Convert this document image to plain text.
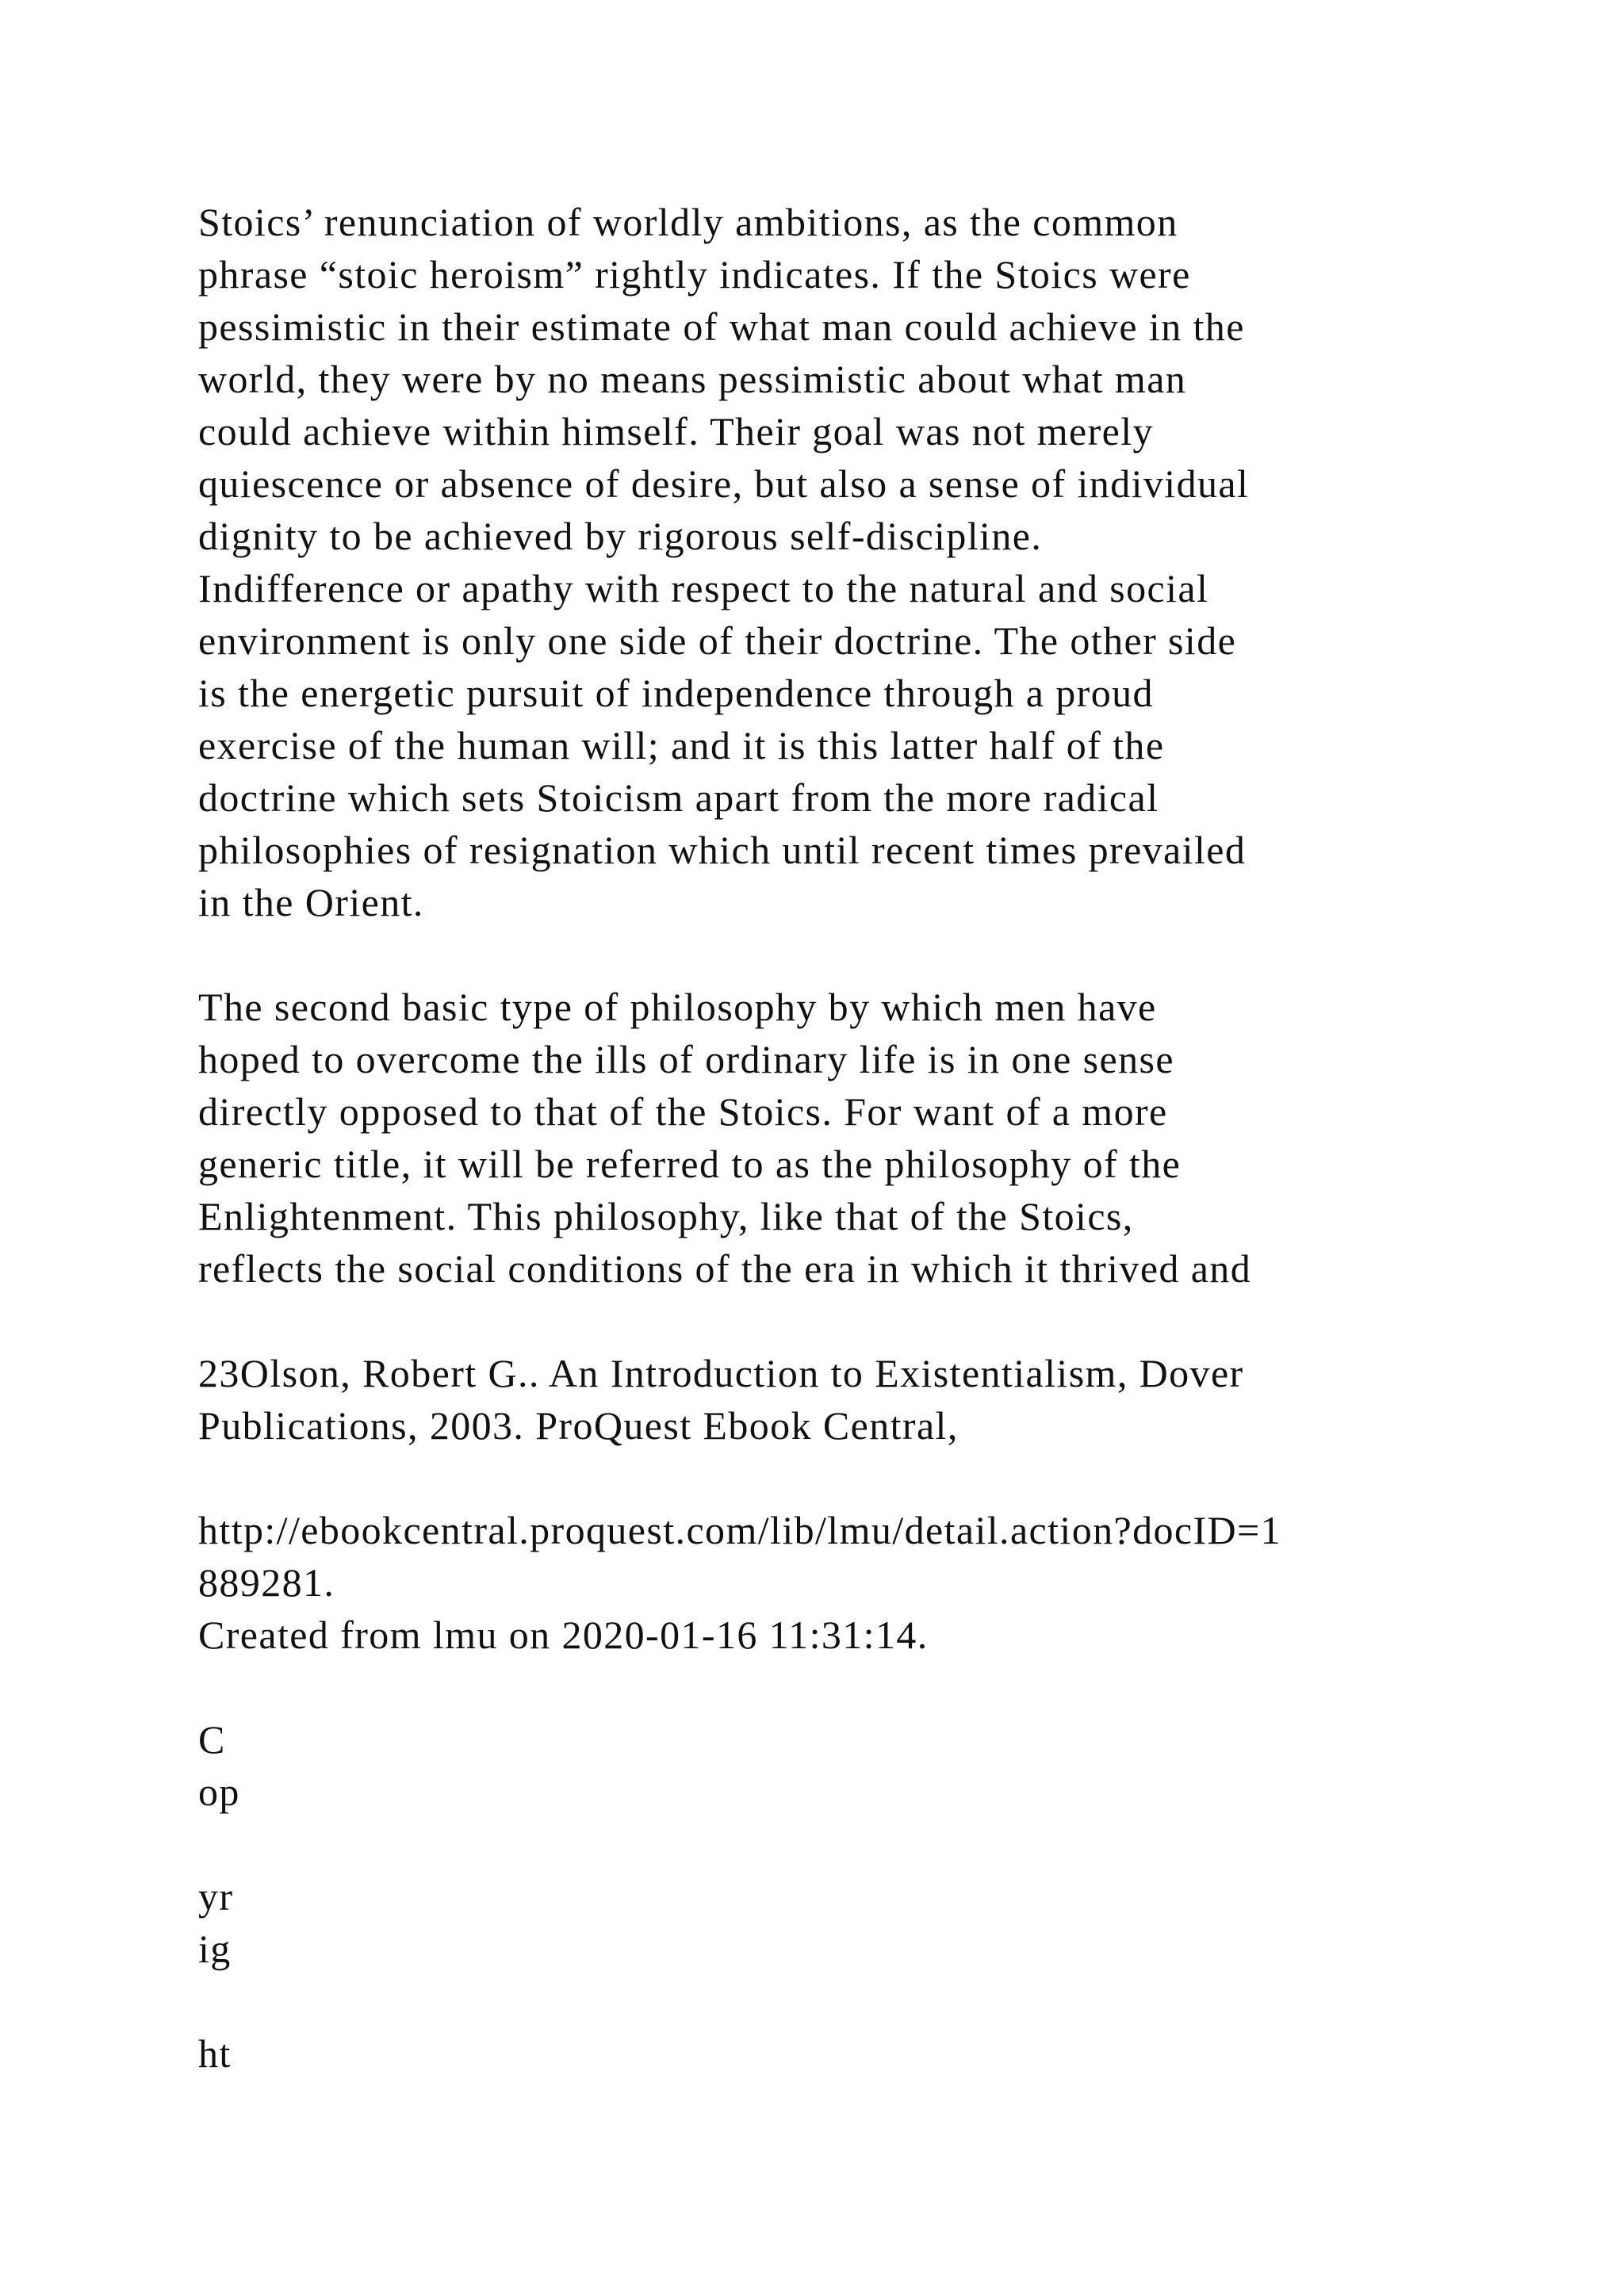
Stoics’ renunciation of worldly ambitions, as the common
phrase “stoic heroism” rightly indicates. If the Stoics were
pessimistic in their estimate of what man could achieve in the
world, they were by no means pessimistic about what man
could achieve within himself. Their goal was not merely
quiescence or absence of desire, but also a sense of individual
dignity to be achieved by rigorous self-discipline.
Indifference or apathy with respect to the natural and social
environment is only one side of their doctrine. The other side
is the energetic pursuit of independence through a proud
exercise of the human will; and it is this latter half of the
doctrine which sets Stoicism apart from the more radical
philosophies of resignation which until recent times prevailed
in the Orient.
The second basic type of philosophy by which men have
hoped to overcome the ills of ordinary life is in one sense
directly opposed to that of the Stoics. For want of a more
generic title, it will be referred to as the philosophy of the
Enlightenment. This philosophy, like that of the Stoics,
reflects the social conditions of the era in which it thrived and
23Olson, Robert G.. An Introduction to Existentialism, Dover
Publications, 2003. ProQuest Ebook Central,
http://ebookcentral.proquest.com/lib/lmu/detail.action?docID=1
889281.
Created from lmu on 2020-01-16 11:31:14.
C
op
yr
ig
ht
